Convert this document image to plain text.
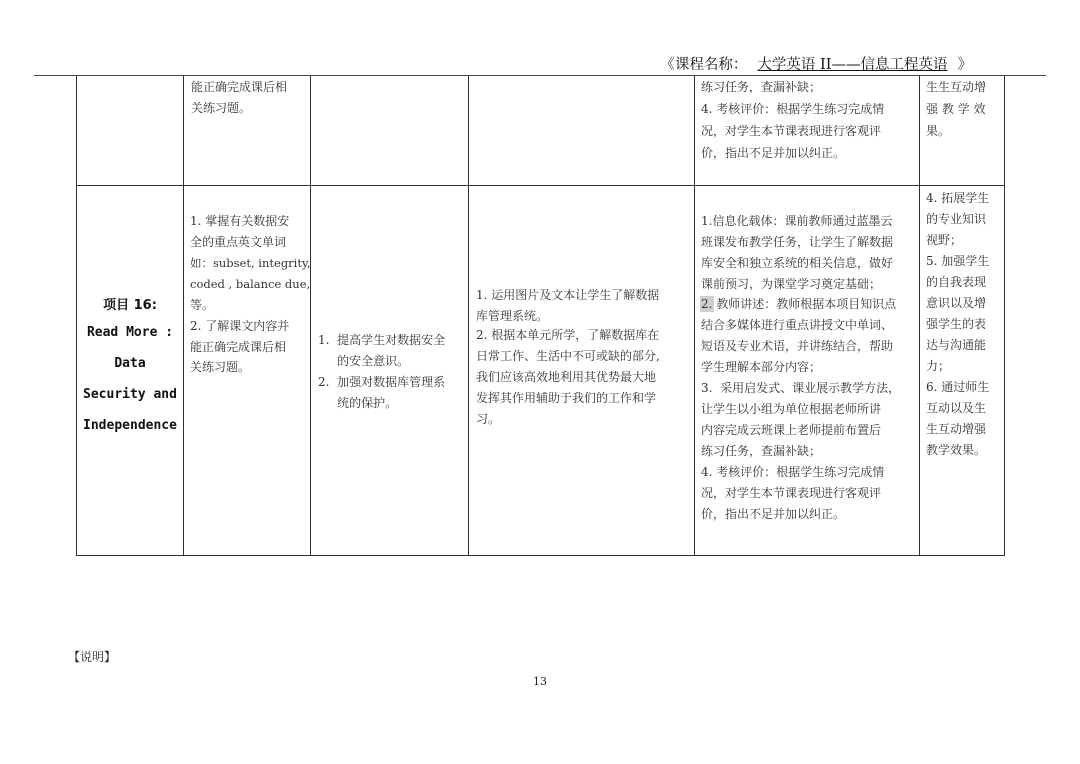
《课程名称： 大学英语 II——信息工程英语 》
能正确完成课后相
关练习题。
练习任务，查漏补缺；
4. 考核评价：根据学生练习完成情
况，对学生本节课表现进行客观评
价，指出不足并加以纠正。
生生互动增
强 教 学 效
果。
项目 16:
Read More :
Data
Security and
Independence
1. 掌握有关数据安
全的重点英文单词
如：subset, integrity,
coded , balance due,
等。
2. 了解课文内容并
能正确完成课后相
关练习题。
1.  提高学生对数据安全
的安全意识。
2.  加强对数据库管理系
统的保护。
1. 运用图片及文本让学生了解数据
库管理系统。
2. 根据本单元所学，了解数据库在
日常工作、生活中不可或缺的部分,
我们应该高效地利用其优势最大地
发挥其作用辅助于我们的工作和学
习。
1.信息化载体：课前教师通过蓝墨云
班课发布教学任务，让学生了解数据
库安全和独立系统的相关信息，做好
课前预习，为课堂学习奠定基础；
2. 教师讲述：教师根据本项目知识点
结合多媒体进行重点讲授文中单词、
短语及专业术语，并讲练结合，帮助
学生理解本部分内容；
3.  采用启发式、课业展示教学方法，
让学生以小组为单位根据老师所讲
内容完成云班课上老师提前布置后
练习任务，查漏补缺；
4. 考核评价：根据学生练习完成情
况，对学生本节课表现进行客观评
价，指出不足并加以纠正。
4. 拓展学生
的专业知识
视野；
5. 加强学生
的自我表现
意识以及增
强学生的表
达与沟通能
力；
6. 通过师生
互动以及生
生互动增强
教学效果。
【说明】
13
